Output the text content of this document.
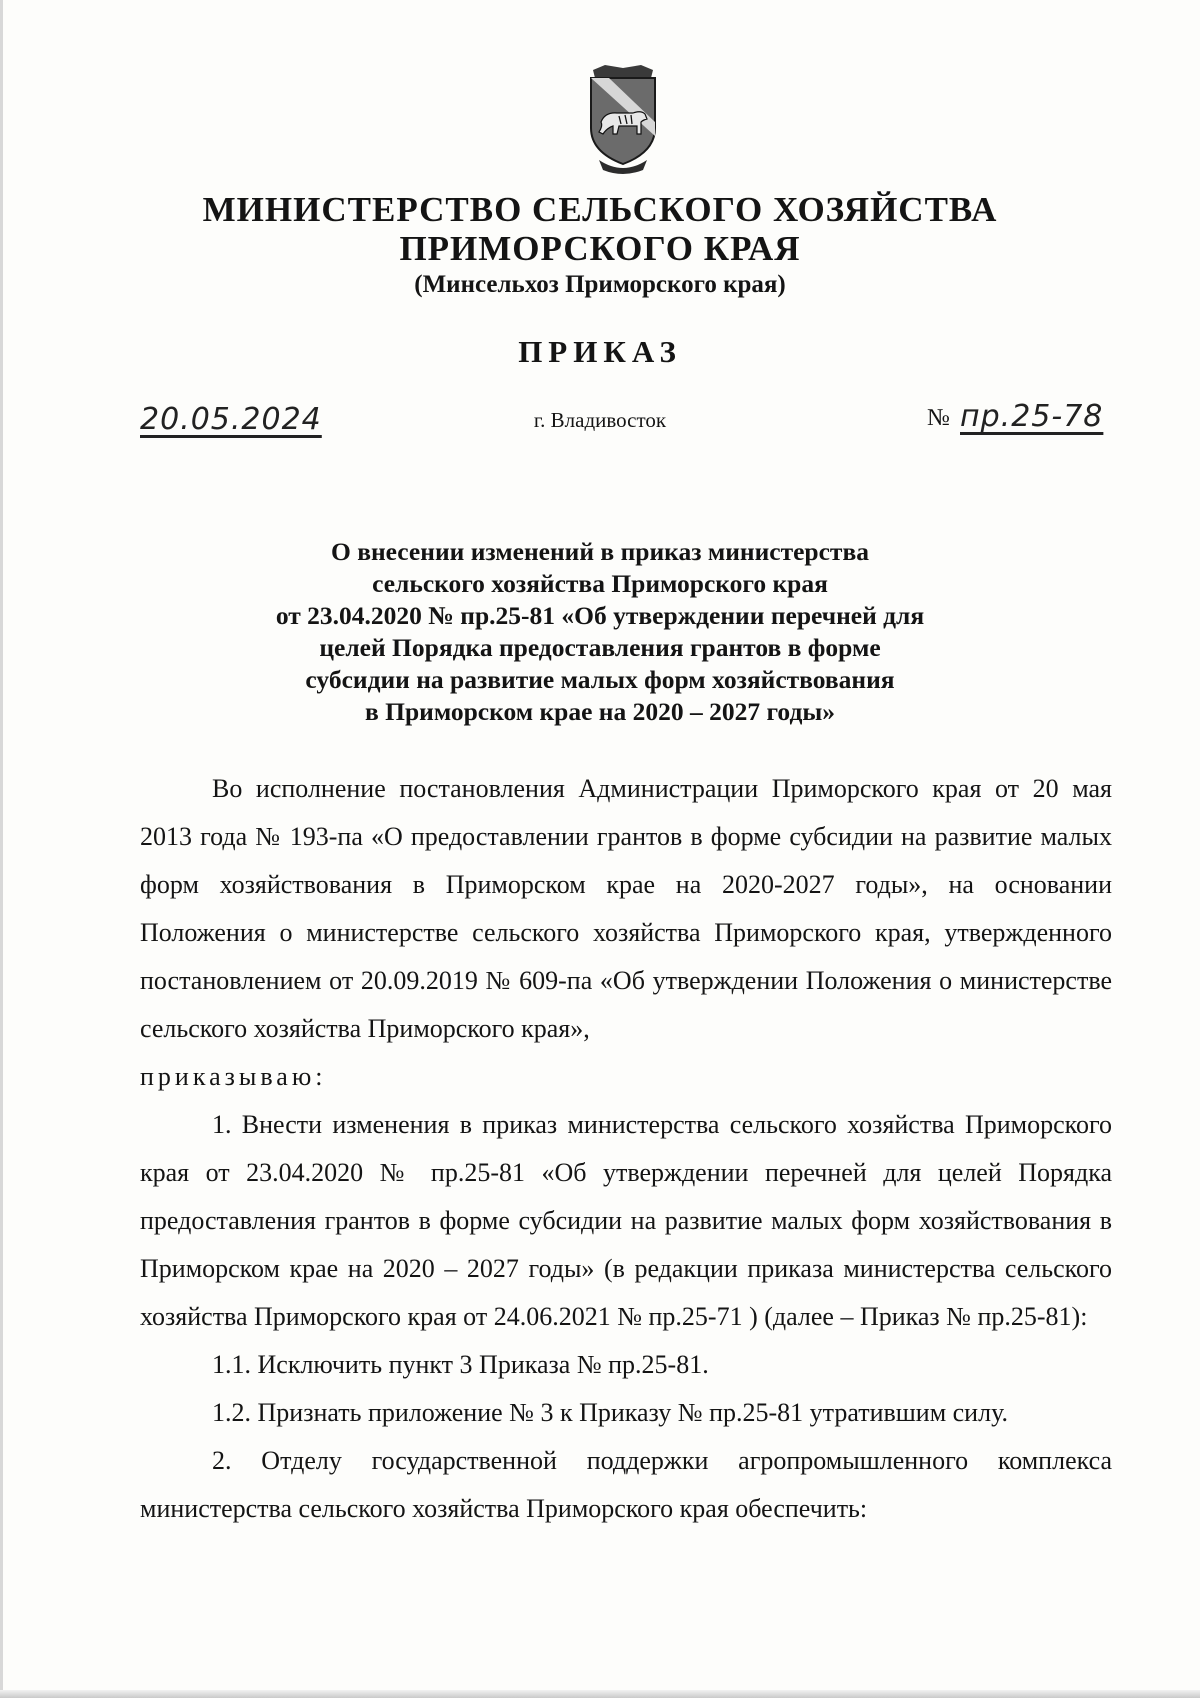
МИНИСТЕРСТВО СЕЛЬСКОГО ХОЗЯЙСТВА
ПРИМОРСКОГО КРАЯ
(Минсельхоз Приморского края)
ПРИКАЗ
20.05.2024	г. Владивосток	№ пр.25-78
О внесении изменений в приказ министерства
сельского хозяйства Приморского края
от 23.04.2020 № пр.25-81 «Об утверждении перечней для
целей Порядка предоставления грантов в форме
субсидии на развитие малых форм хозяйствования
в Приморском крае на 2020 – 2027 годы»

Во исполнение постановления Администрации Приморского края от 20 мая 2013 года № 193-па «О предоставлении грантов в форме субсидии на развитие малых форм хозяйствования в Приморском крае на 2020-2027 годы», на основании Положения о министерстве сельского хозяйства Приморского края, утвержденного постановлением от 20.09.2019 № 609-па «Об утверждении Положения о министерстве сельского хозяйства Приморского края»,

приказываю:

1. Внести изменения в приказ министерства сельского хозяйства Приморского края от 23.04.2020 № пр.25-81 «Об утверждении перечней для целей Порядка предоставления грантов в форме субсидии на развитие малых форм хозяйствования в Приморском крае на 2020 – 2027 годы» (в редакции приказа министерства сельского хозяйства Приморского края от 24.06.2021 № пр.25-71 ) (далее – Приказ № пр.25-81):

1.1. Исключить пункт 3 Приказа № пр.25-81.

1.2. Признать приложение № 3 к Приказу № пр.25-81 утратившим силу.

2. Отделу государственной поддержки агропромышленного комплекса министерства сельского хозяйства Приморского края обеспечить:
